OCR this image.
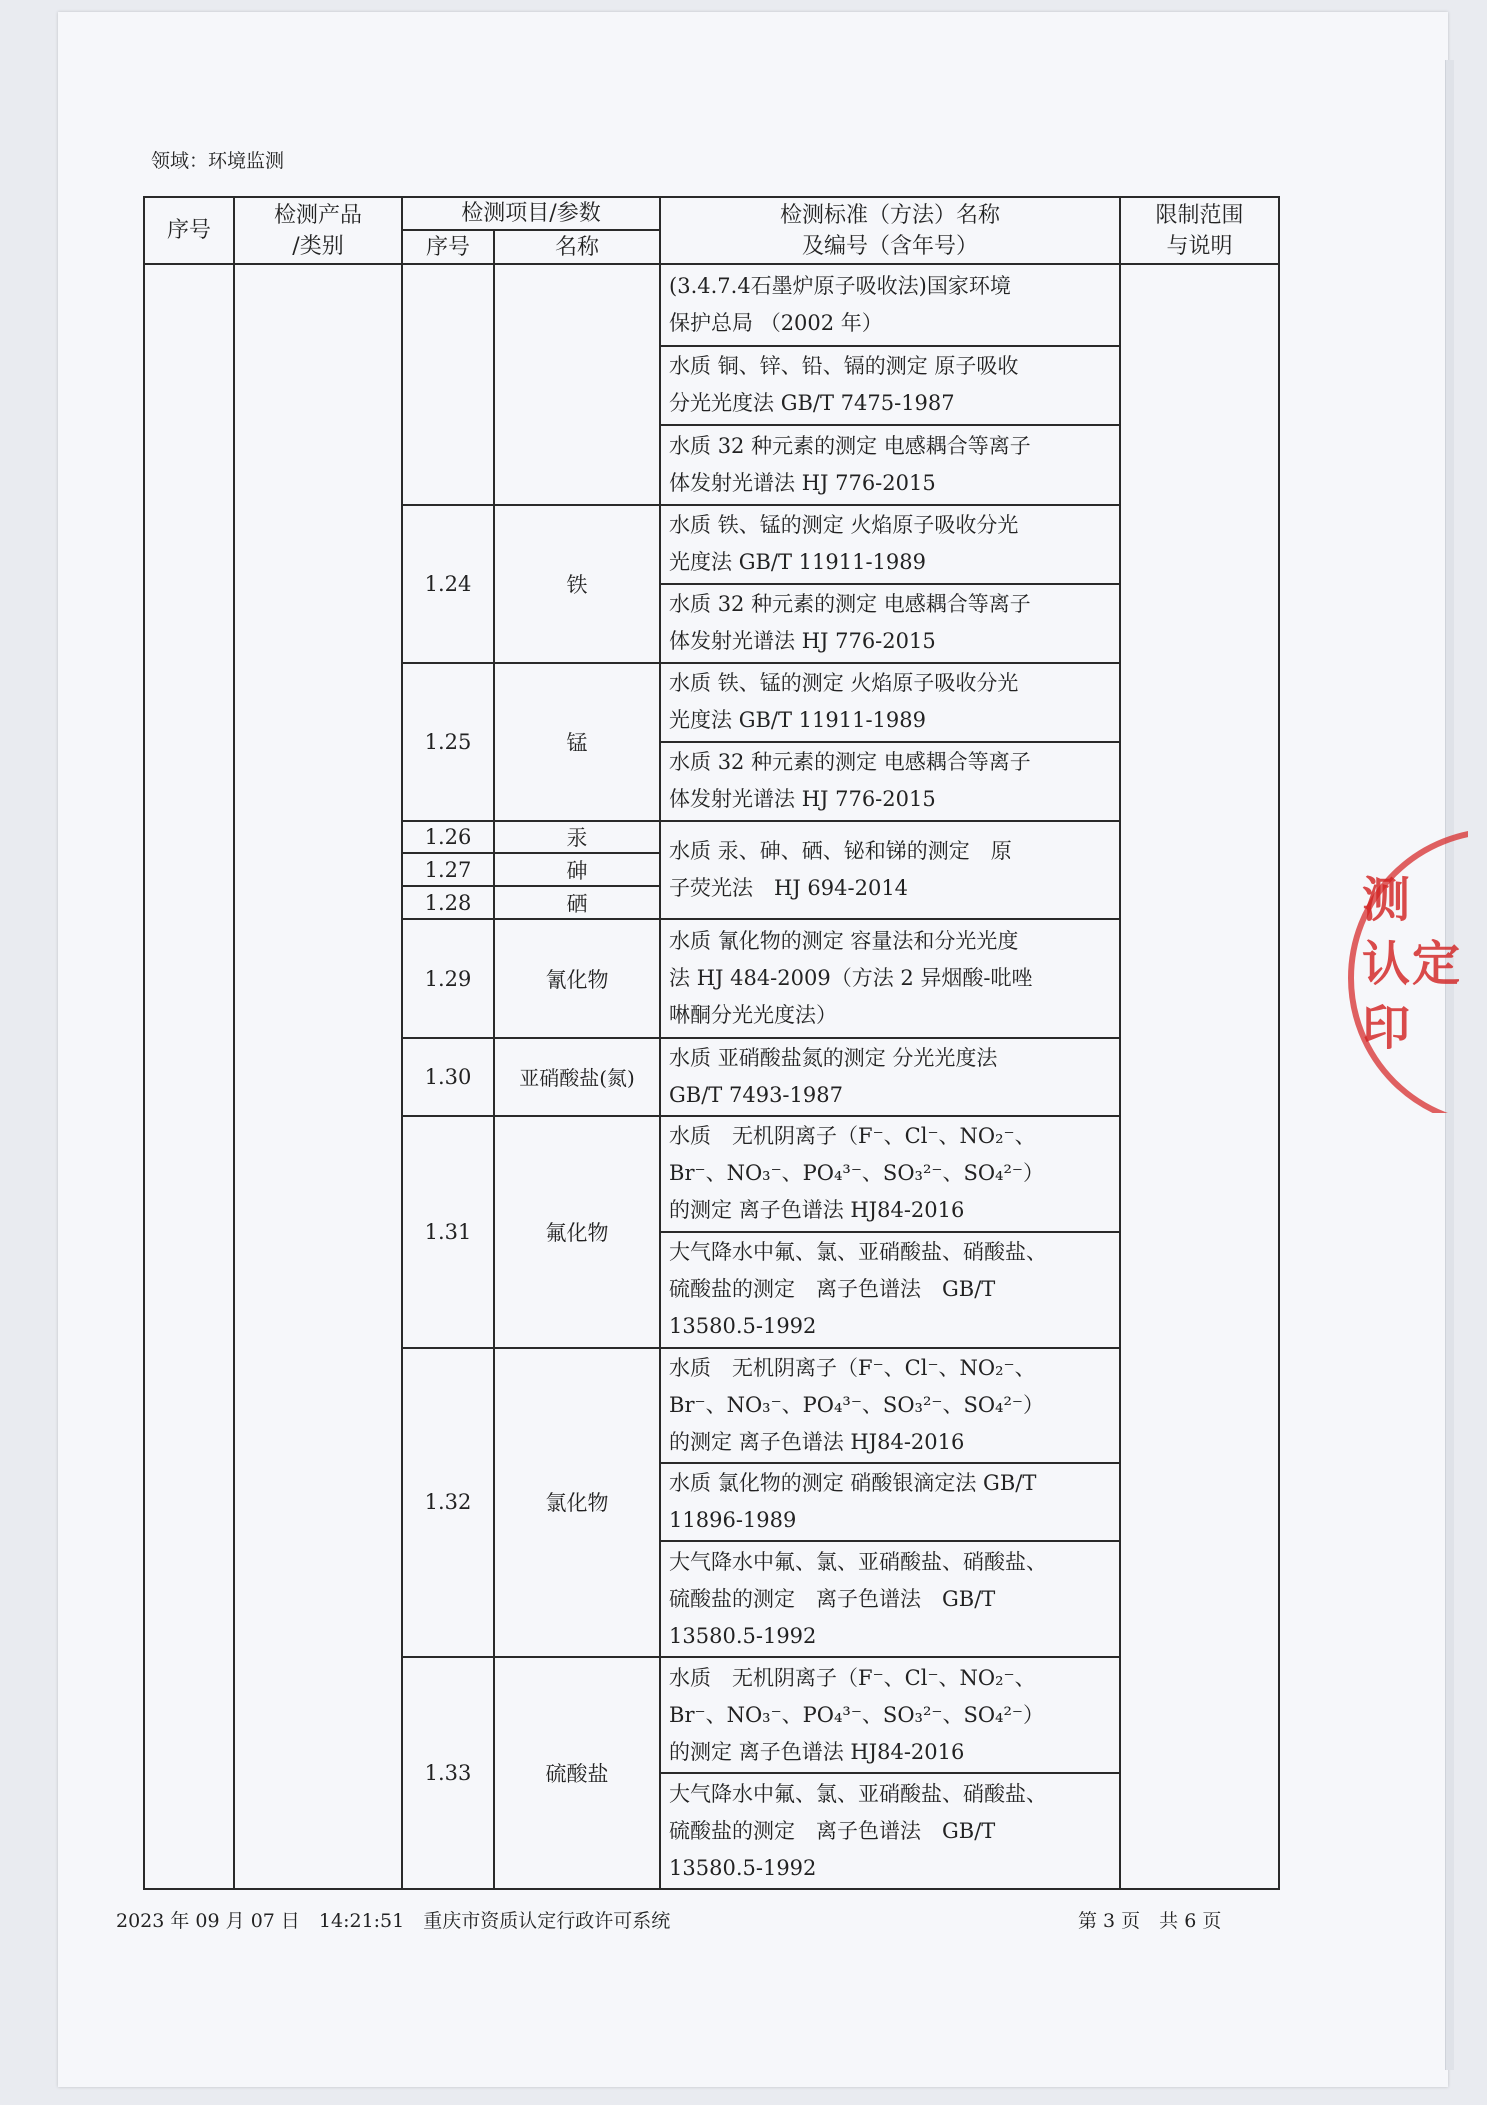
领域：环境监测
序号	检测产品
/类别	检测项目/参数		检测标准（方法）名称
及编号（含年号）	限制范围
与说明

		序号	名称		

				(3.4.7.4石墨炉原子吸收法)国家环境
保护总局 （2002 年）	

				水质 铜、锌、铅、镉的测定 原子吸收
分光光度法 GB/T 7475-1987	

				水质 32 种元素的测定 电感耦合等离子
体发射光谱法 HJ 776-2015	

		1.24	铁	水质 铁、锰的测定 火焰原子吸收分光
光度法 GB/T 11911-1989	

				水质 32 种元素的测定 电感耦合等离子
体发射光谱法 HJ 776-2015	

		1.25	锰	水质 铁、锰的测定 火焰原子吸收分光
光度法 GB/T 11911-1989	

				水质 32 种元素的测定 电感耦合等离子
体发射光谱法 HJ 776-2015	

		1.26	汞	水质 汞、砷、硒、铋和锑的测定　原
子荧光法　HJ 694-2014	

		1.27	砷		
		1.28	硒		
		1.29	氰化物	水质 氰化物的测定 容量法和分光光度
法 HJ 484-2009（方法 2 异烟酸-吡唑
啉酮分光光度法）	

		1.30	亚硝酸盐(氮)	水质 亚硝酸盐氮的测定 分光光度法
GB/T 7493-1987	

		1.31	氟化物	水质　无机阴离子（F⁻、Cl⁻、NO₂⁻、
Br⁻、NO₃⁻、PO₄³⁻、SO₃²⁻、SO₄²⁻）
的测定 离子色谱法 HJ84-2016	

				大气降水中氟、氯、亚硝酸盐、硝酸盐、
硫酸盐的测定　离子色谱法　GB/T
13580.5-1992	

		1.32	氯化物	水质　无机阴离子（F⁻、Cl⁻、NO₂⁻、
Br⁻、NO₃⁻、PO₄³⁻、SO₃²⁻、SO₄²⁻）
的测定 离子色谱法 HJ84-2016	

				水质 氯化物的测定 硝酸银滴定法 GB/T
11896-1989	

				大气降水中氟、氯、亚硝酸盐、硝酸盐、
硫酸盐的测定　离子色谱法　GB/T
13580.5-1992	

		1.33	硫酸盐	水质　无机阴离子（F⁻、Cl⁻、NO₂⁻、
Br⁻、NO₃⁻、PO₄³⁻、SO₃²⁻、SO₄²⁻）
的测定 离子色谱法 HJ84-2016	

				大气降水中氟、氯、亚硝酸盐、硝酸盐、
硫酸盐的测定　离子色谱法　GB/T
13580.5-1992	
2023 年 09 月 07 日　14:21:51　重庆市资质认定行政许可系统	第 3 页　共 6 页
测
认定
印
